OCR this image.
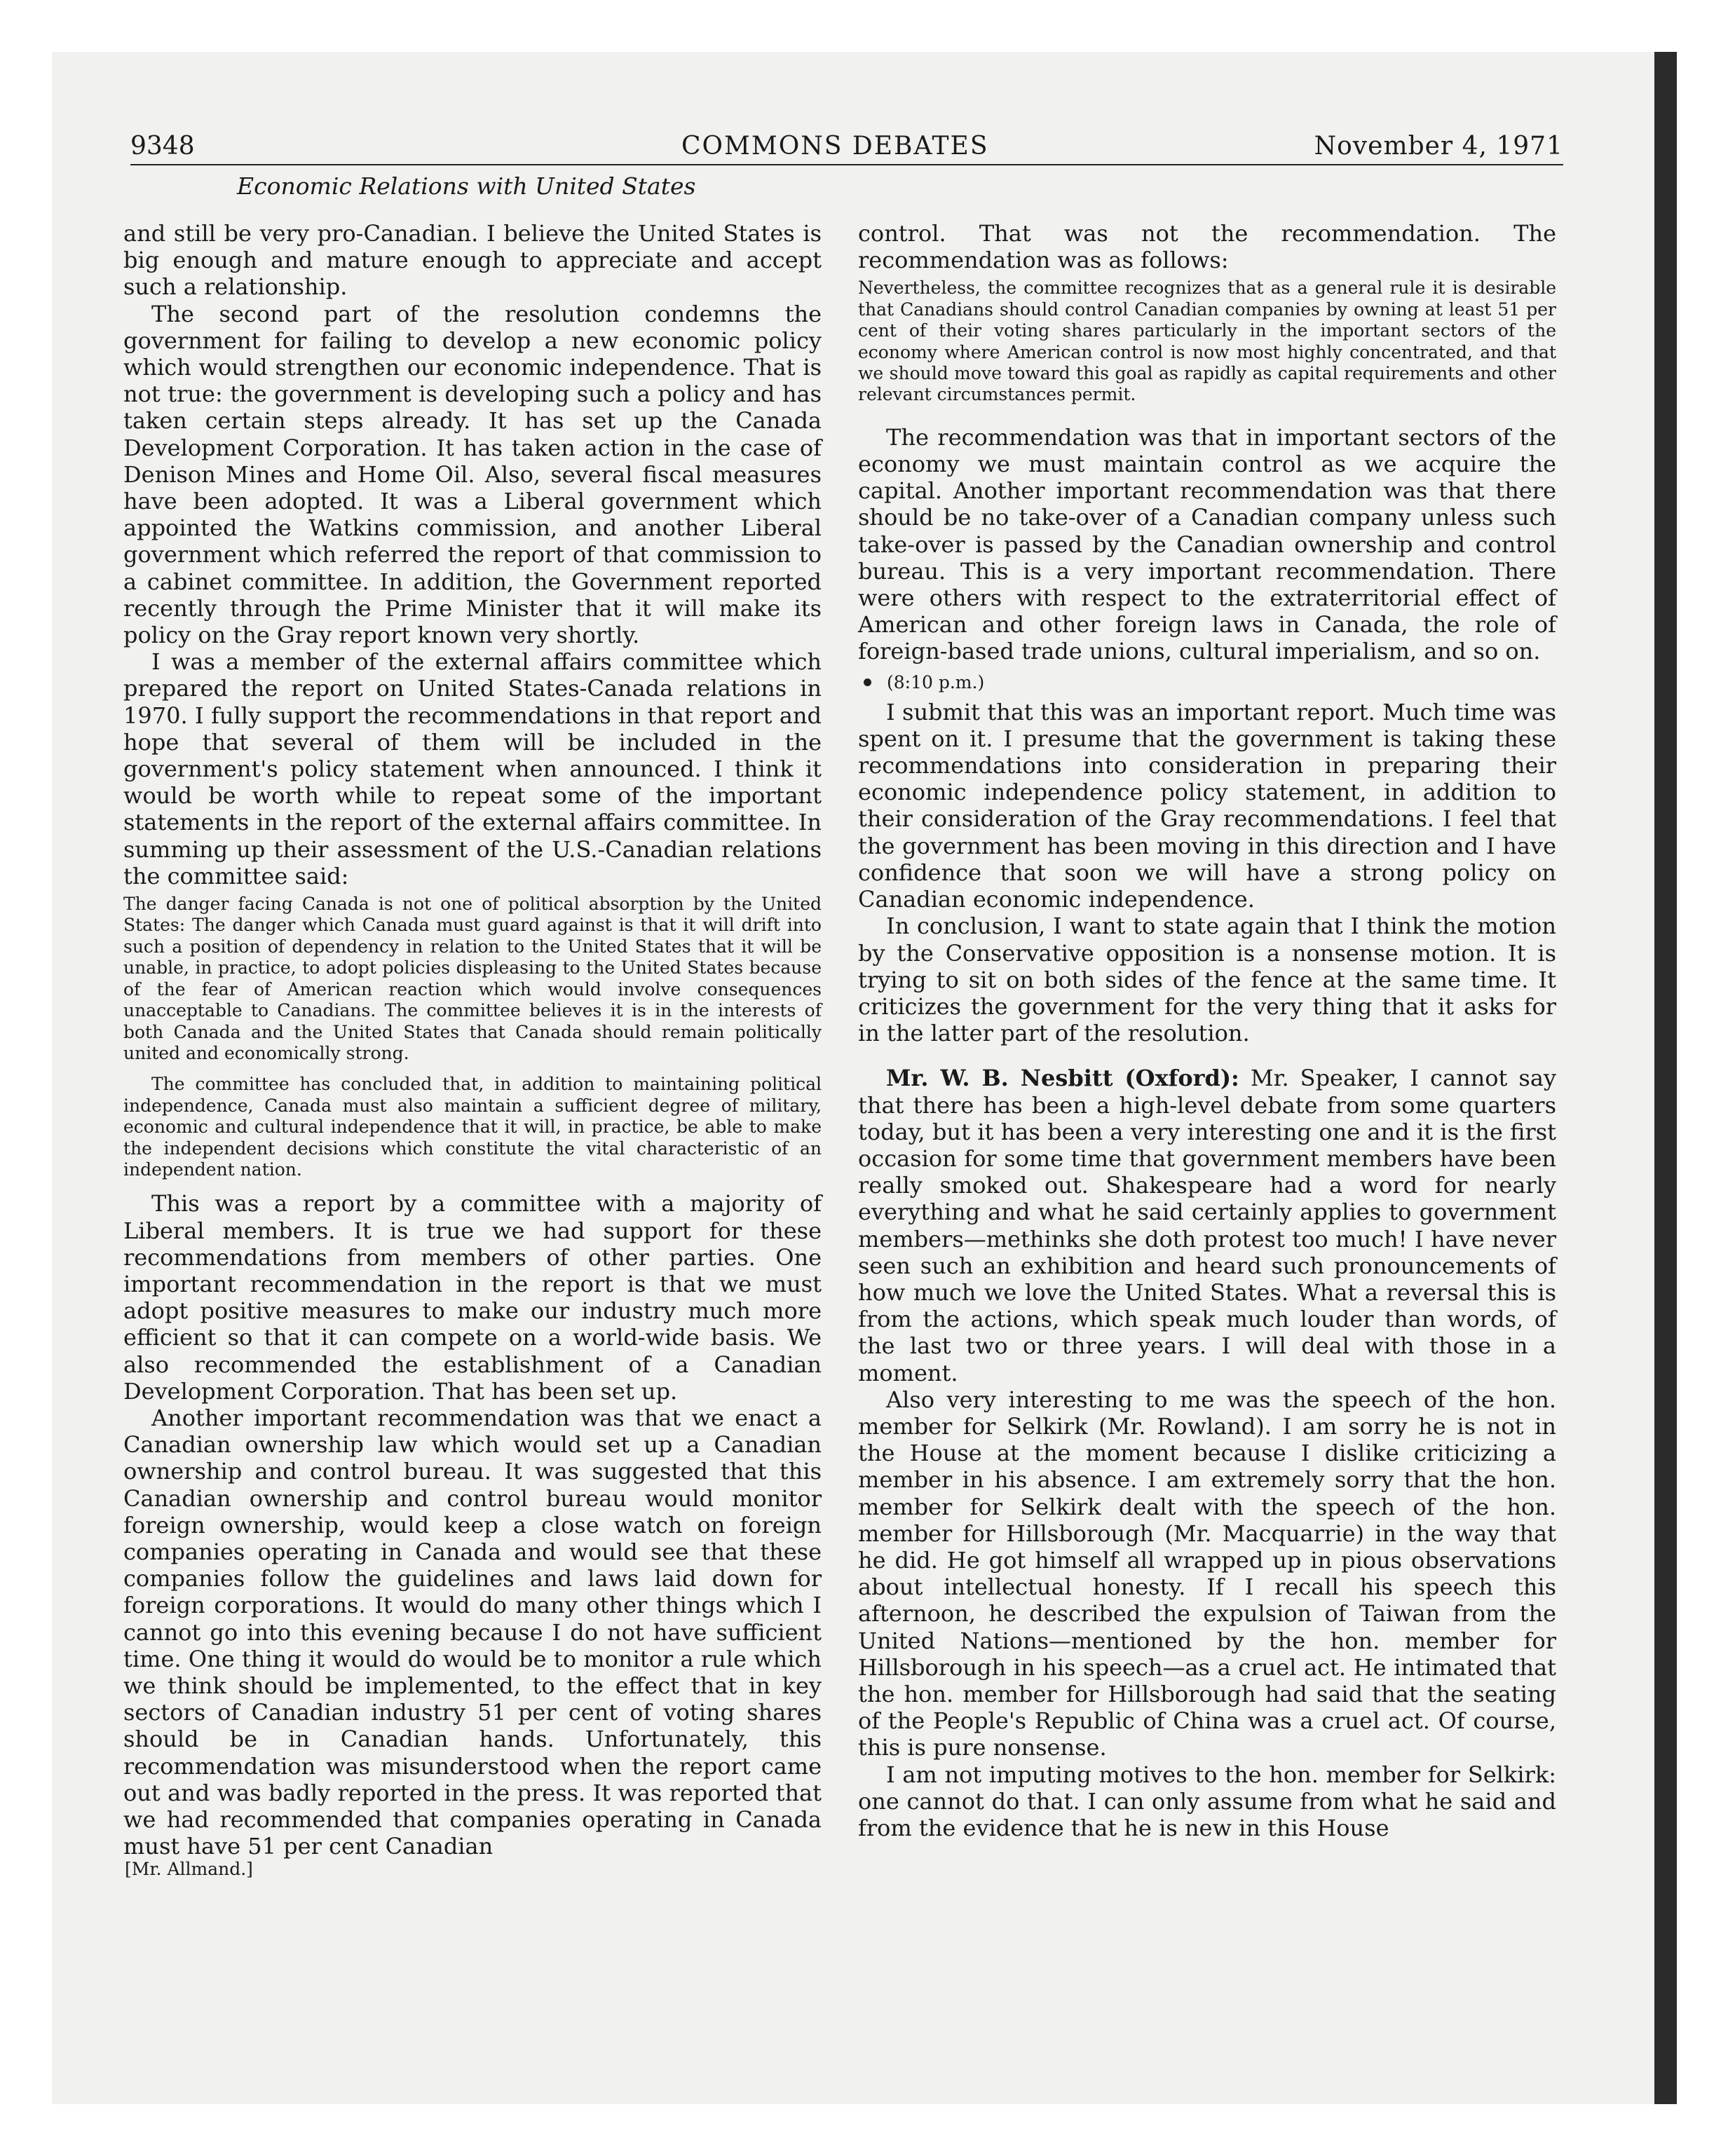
9348	COMMONS DEBATES	November 4, 1971
Economic Relations with United States

and still be very pro-Canadian. I believe the United States is big enough and mature enough to appreciate and accept such a relationship.

The second part of the resolution condemns the government for failing to develop a new economic policy which would strengthen our economic independence. That is not true: the government is developing such a policy and has taken certain steps already. It has set up the Canada Development Corporation. It has taken action in the case of Denison Mines and Home Oil. Also, several fiscal measures have been adopted. It was a Liberal government which appointed the Watkins commission, and another Liberal government which referred the report of that commission to a cabinet committee. In addition, the Government reported recently through the Prime Minister that it will make its policy on the Gray report known very shortly.

I was a member of the external affairs committee which prepared the report on United States-Canada relations in 1970. I fully support the recommendations in that report and hope that several of them will be included in the government's policy statement when announced. I think it would be worth while to repeat some of the important statements in the report of the external affairs committee. In summing up their assessment of the U.S.-Canadian relations the committee said:

The danger facing Canada is not one of political absorption by the United States: The danger which Canada must guard against is that it will drift into such a position of dependency in relation to the United States that it will be unable, in practice, to adopt policies displeasing to the United States because of the fear of American reaction which would involve consequences unacceptable to Canadians. The committee believes it is in the interests of both Canada and the United States that Canada should remain politically united and economically strong.

The committee has concluded that, in addition to maintaining political independence, Canada must also maintain a sufficient degree of military, economic and cultural independence that it will, in practice, be able to make the independent decisions which constitute the vital characteristic of an independent nation.

This was a report by a committee with a majority of Liberal members. It is true we had support for these recommendations from members of other parties. One important recommendation in the report is that we must adopt positive measures to make our industry much more efficient so that it can compete on a world-wide basis. We also recommended the establishment of a Canadian Development Corporation. That has been set up.

Another important recommendation was that we enact a Canadian ownership law which would set up a Canadian ownership and control bureau. It was suggested that this Canadian ownership and control bureau would monitor foreign ownership, would keep a close watch on foreign companies operating in Canada and would see that these companies follow the guidelines and laws laid down for foreign corporations. It would do many other things which I cannot go into this evening because I do not have sufficient time. One thing it would do would be to monitor a rule which we think should be implemented, to the effect that in key sectors of Canadian industry 51 per cent of voting shares should be in Canadian hands. Unfortunately, this recommendation was misunderstood when the report came out and was badly reported in the press. It was reported that we had recommended that companies operating in Canada must have 51 per cent Canadian

[Mr. Allmand.]

control. That was not the recommendation. The recommendation was as follows:

Nevertheless, the committee recognizes that as a general rule it is desirable that Canadians should control Canadian companies by owning at least 51 per cent of their voting shares particularly in the important sectors of the economy where American control is now most highly concentrated, and that we should move toward this goal as rapidly as capital requirements and other relevant circumstances permit.

The recommendation was that in important sectors of the economy we must maintain control as we acquire the capital. Another important recommendation was that there should be no take-over of a Canadian company unless such take-over is passed by the Canadian ownership and control bureau. This is a very important recommendation. There were others with respect to the extraterritorial effect of American and other foreign laws in Canada, the role of foreign-based trade unions, cultural imperialism, and so on.

(8:10 p.m.)

I submit that this was an important report. Much time was spent on it. I presume that the government is taking these recommendations into consideration in preparing their economic independence policy statement, in addition to their consideration of the Gray recommendations. I feel that the government has been moving in this direction and I have confidence that soon we will have a strong policy on Canadian economic independence.

In conclusion, I want to state again that I think the motion by the Conservative opposition is a nonsense motion. It is trying to sit on both sides of the fence at the same time. It criticizes the government for the very thing that it asks for in the latter part of the resolution.

Mr. W. B. Nesbitt (Oxford): Mr. Speaker, I cannot say that there has been a high-level debate from some quarters today, but it has been a very interesting one and it is the first occasion for some time that government members have been really smoked out. Shakespeare had a word for nearly everything and what he said certainly applies to government members—methinks she doth protest too much! I have never seen such an exhibition and heard such pronouncements of how much we love the United States. What a reversal this is from the actions, which speak much louder than words, of the last two or three years. I will deal with those in a moment.

Also very interesting to me was the speech of the hon. member for Selkirk (Mr. Rowland). I am sorry he is not in the House at the moment because I dislike criticizing a member in his absence. I am extremely sorry that the hon. member for Selkirk dealt with the speech of the hon. member for Hillsborough (Mr. Macquarrie) in the way that he did. He got himself all wrapped up in pious observations about intellectual honesty. If I recall his speech this afternoon, he described the expulsion of Taiwan from the United Nations—mentioned by the hon. member for Hillsborough in his speech—as a cruel act. He intimated that the hon. member for Hillsborough had said that the seating of the People's Republic of China was a cruel act. Of course, this is pure nonsense.

I am not imputing motives to the hon. member for Selkirk: one cannot do that. I can only assume from what he said and from the evidence that he is new in this House
